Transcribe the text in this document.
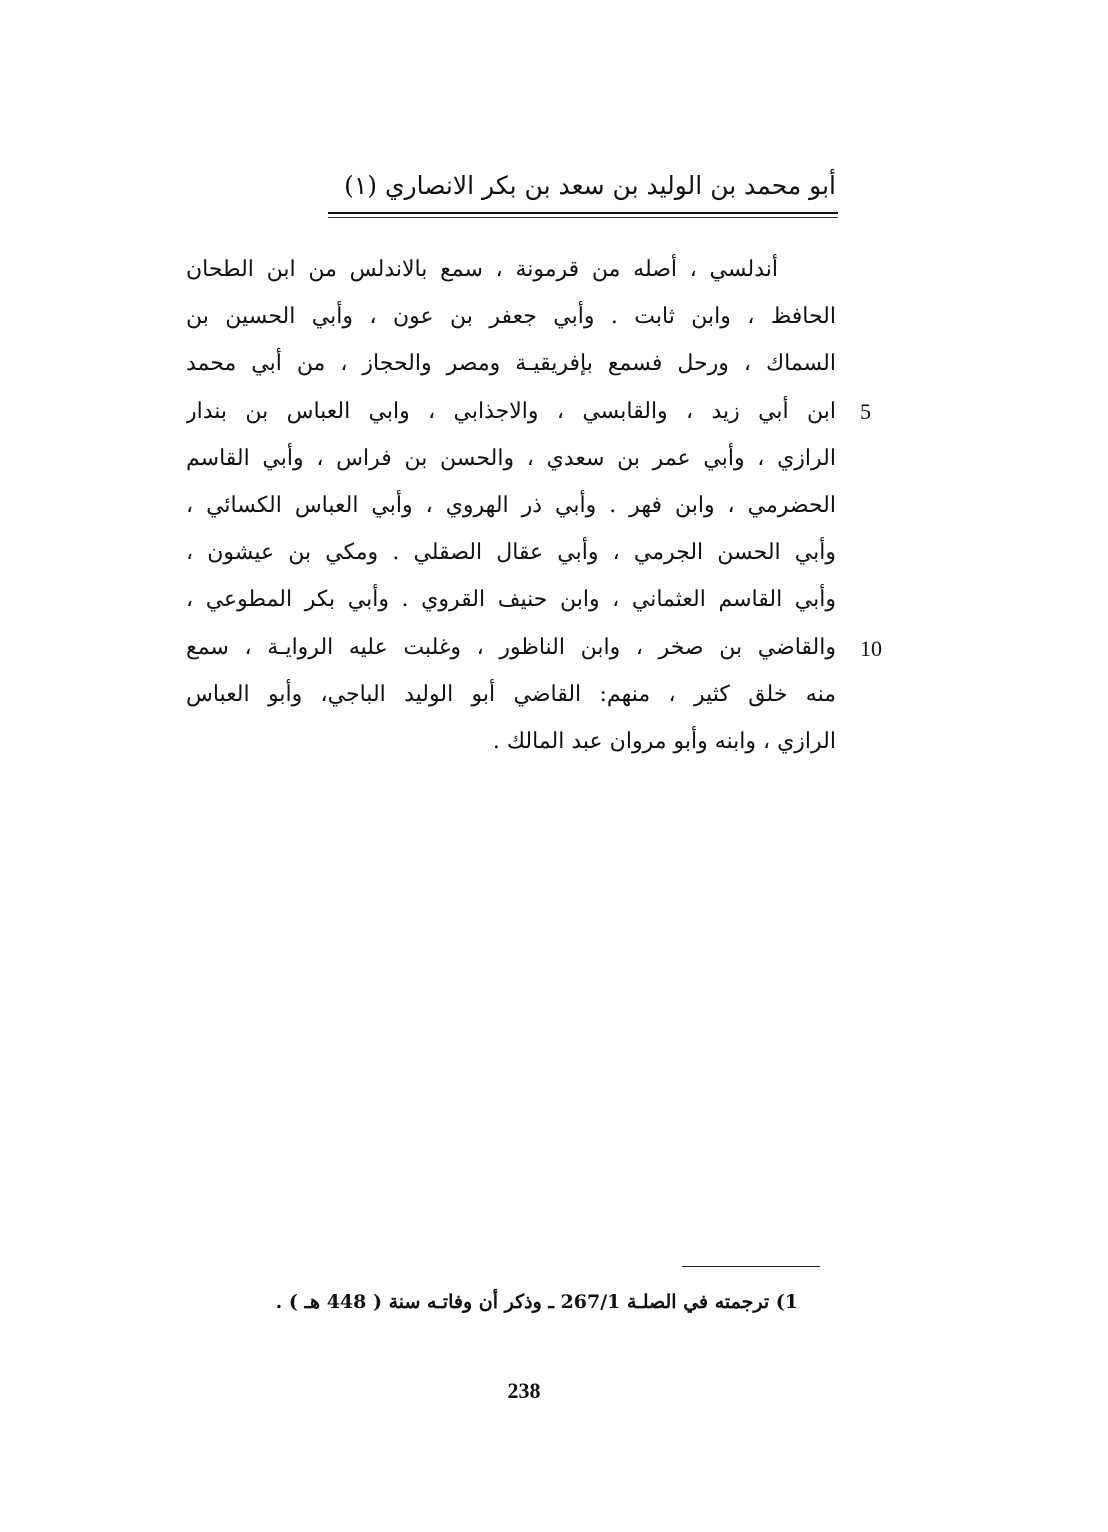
أبو محمد بن الوليد بن سعد بن بكر الانصاري (١)
أندلسي ، أصله من قرمونة ، سمع بالاندلس من ابن الطحان
الحافظ ، وابن ثابت . وأبي جعفر بن عون ، وأبي الحسين بن
السماك ، ورحل فسمع بإفريقيـة ومصر والحجاز ، من أبي محمد
ابن أبي زيد ، والقابسي ، والاجذابي ، وابي العباس بن بندار
الرازي ، وأبي عمر بن سعدي ، والحسن بن فراس ، وأبي القاسم
الحضرمي ، وابن فهر . وأبي ذر الهروي ، وأبي العباس الكسائي ،
وأبي الحسن الجرمي ، وأبي عقال الصقلي . ومكي بن عيشون ،
وأبي القاسم العثماني ، وابن حنيف القروي . وأبي بكر المطوعي ،
والقاضي بن صخر ، وابن الناظور ، وغلبت عليه الروايـة ، سمع
منه خلق كثير ، منهم: القاضي أبو الوليد الباجي، وأبو العباس
الرازي ، وابنه وأبو مروان عبد المالك .
5
10
1) ترجمته في الصلـة 267/1 ـ وذكر أن وفاتـه سنة ( 448 هـ ) .
238
